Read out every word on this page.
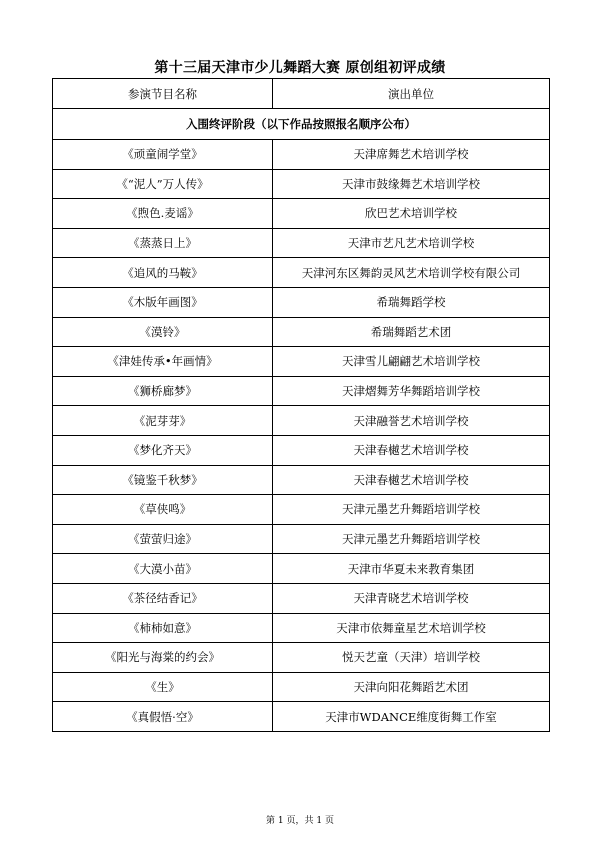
第十三届天津市少儿舞蹈大赛 原创组初评成绩
参演节目名称	演出单位
入围终评阶段（以下作品按照报名顺序公布）	
《顽童闹学堂》	天津席舞艺术培训学校
《“泥人”万人传》	天津市鼓缘舞艺术培训学校
《煦色.麦谣》	欣巴艺术培训学校
《蒸蒸日上》	天津市艺凡艺术培训学校
《追风的马鞍》	天津河东区舞韵灵风艺术培训学校有限公司
《木版年画图》	希瑞舞蹈学校
《漠铃》	希瑞舞蹈艺术团
《津娃传承•年画情》	天津雪儿翩翩艺术培训学校
《狮桥廊梦》	天津熠舞芳华舞蹈培训学校
《泥芽芽》	天津融誉艺术培训学校
《梦化齐天》	天津春樾艺术培训学校
《镜鉴千秋梦》	天津春樾艺术培训学校
《草侠鸣》	天津元墨艺升舞蹈培训学校
《萤萤归途》	天津元墨艺升舞蹈培训学校
《大漠小苗》	天津市华夏未来教育集团
《茶径结香记》	天津青晓艺术培训学校
《柿柿如意》	天津市依舞童星艺术培训学校
《阳光与海棠的约会》	悦天艺童（天津）培训学校
《生》	天津向阳花舞蹈艺术团
《真假悟·空》	天津市WDANCE维度街舞工作室
第 1 页，共 1 页
